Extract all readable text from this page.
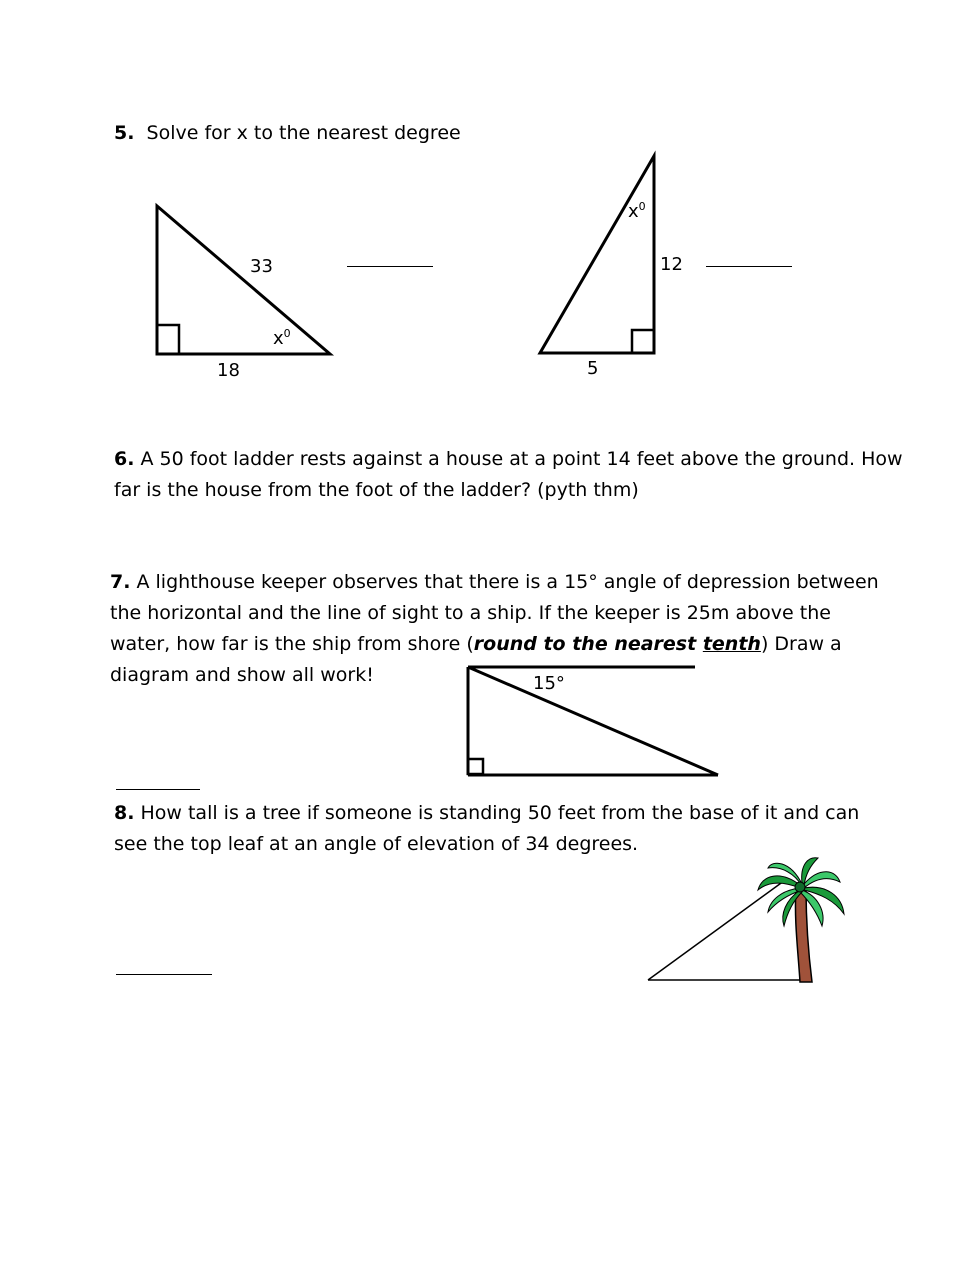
5. Solve for x to the nearest degree
33
18
$x^0$
12
5
$x^0$
6. A 50 foot ladder rests against a house at a point 14 feet above the ground. How
far is the house from the foot of the ladder? (pyth thm)
7. A lighthouse keeper observes that there is a 15° angle of depression between
the horizontal and the line of sight to a ship. If the keeper is 25m above the
water, how far is the ship from shore (round to the nearest tenth) Draw a
diagram and show all work!	15°
8. How tall is a tree if someone is standing 50 feet from the base of it and can
see the top leaf at an angle of elevation of 34 degrees.
